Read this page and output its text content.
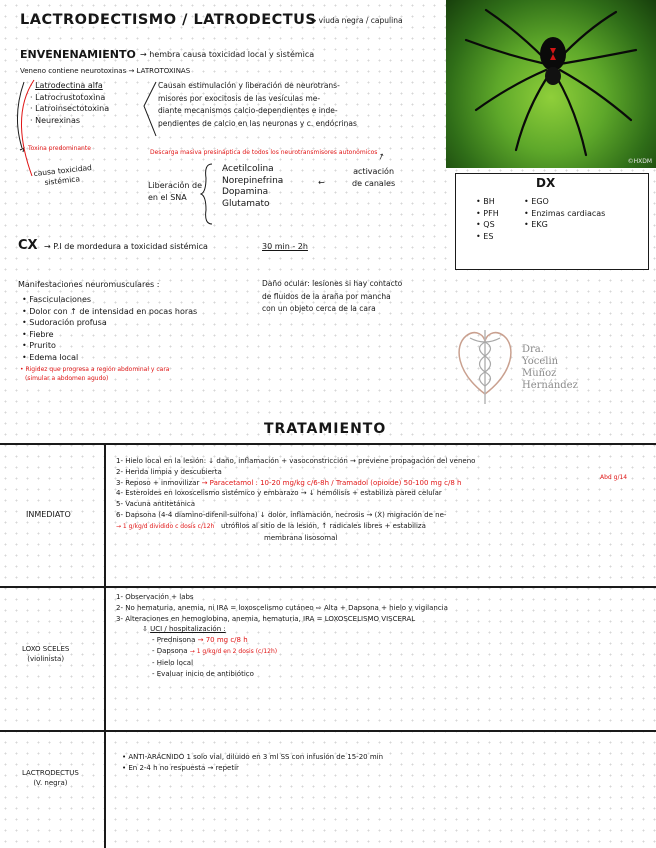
LACTRODECTISMO / LATRODECTUS
→ viuda negra / capulina
ENVENENAMIENTO → hembra causa toxicidad local y sistémica
Veneno contiene neurotoxinas → LATROTOXINAS
· Latrodectina alfa
· Latrocrustotoxina
· Latroinsectotoxina
· Neurexinas
Toxina predominante
causa toxicidad
sistémica
Causan estimulación y liberación de neurotrans-
misores por exocitosis de las vesículas me-
diante mecanismos calcio-dependientes e inde-
pendientes de calcio en las neuronas y c. endócrinas
Descarga masiva presináptica de todos los neurotransmisores autonómicos
Liberación de
en el SNA
Acetilcolina
Norepinefrina
Dopamina
Glutamato
←
activación
de canales
→
©HXDM
DX
• BH
• PFH
• QS
• ES
• EGO
• Enzimas cardiacas
• EKG
CX → P.I de mordedura a toxicidad sistémica	30 min - 2h
Manifestaciones neuromusculares :
• Fasciculaciones
• Dolor con ↑ de intensidad en pocas horas
• Sudoración profusa
• Fiebre
• Prurito
• Edema local
• Rigidez que progresa a región abdominal y cara
(simular a abdomen agudo)
Daño ocular: lesiones si hay contacto
de fluidos de la araña por mancha
con un objeto cerca de la cara
Dra.
Yocelin
Muñoz
Hernández
TRATAMIENTO
INMEDIATO
1- Hielo local en la lesión: ↓ daño, inflamación + vasoconstricción → previene propagación del veneno
2- Herida limpia y descubierta
3- Reposo + inmovilizar → Paracetamol : 10-20 mg/kg c/6-8h / Tramadol (opioide) 50-100 mg c/8 h
4- Esteroides en loxoscelismo sistémico y embarazo → ↓ hemólisis + estabiliza pared celular
5- Vacuna antitetánica
6- Dapsona (4-4 diamino-difenil-sulfona) ↓ dolor, inflamación, necrosis → (X) migración de ne-
→ 1 g/kg/d dividido c dosis c/12h utrófilos al sitio de la lesión, ↑ radicales libres + estabiliza
membrana lisosomal
Abd g/14
LOXO SCELES
(violinista)
1- Observación + labs
2- No hematuria, anemia, ni IRA = loxoscelismo cutáneo ⇨ Alta + Dapsona + hielo y vigilancia
3- Alteraciones en hemoglobina, anemia, hematuria, IRA = LOXOSCELISMO VISCERAL
⇩ UCI / hospitalización :
- Prednisona → 70 mg c/8 h
- Dapsona → 1 g/kg/d en 2 dosis (c/12h)
- Hielo local
- Evaluar inicio de antibiótico
LACTRODECTUS
(V. negra)
• ANTI-ARÁCNIDO 1 solo vial, diluido en 3 ml SS con infusión de 15-20 min
• En 2-4 h no respuesta → repetir
